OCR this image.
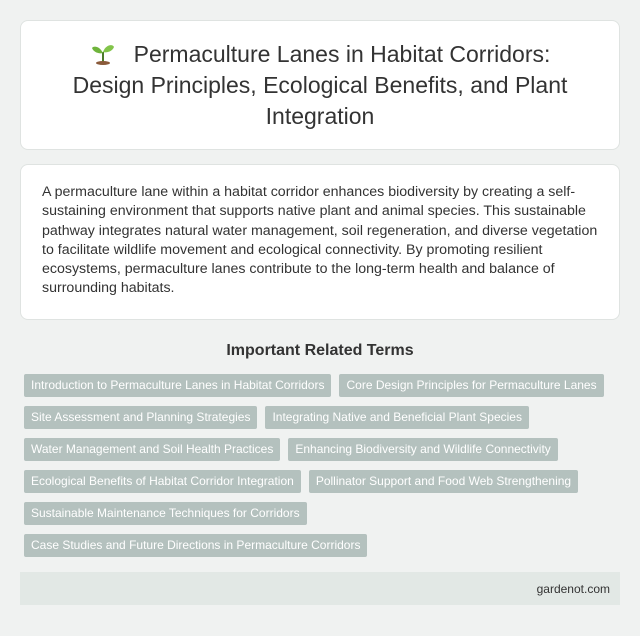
Permaculture Lanes in Habitat Corridors: Design Principles, Ecological Benefits, and Plant Integration

A permaculture lane within a habitat corridor enhances biodiversity by creating a self-sustaining environment that supports native plant and animal species. This sustainable pathway integrates natural water management, soil regeneration, and diverse vegetation to facilitate wildlife movement and ecological connectivity. By promoting resilient ecosystems, permaculture lanes contribute to the long-term health and balance of surrounding habitats.

Important Related Terms
Introduction to Permaculture Lanes in Habitat Corridors	Core Design Principles for Permaculture Lanes
Site Assessment and Planning Strategies	Integrating Native and Beneficial Plant Species
Water Management and Soil Health Practices	Enhancing Biodiversity and Wildlife Connectivity
Ecological Benefits of Habitat Corridor Integration	Pollinator Support and Food Web Strengthening
Sustainable Maintenance Techniques for Corridors
Case Studies and Future Directions in Permaculture Corridors
gardenot.com
